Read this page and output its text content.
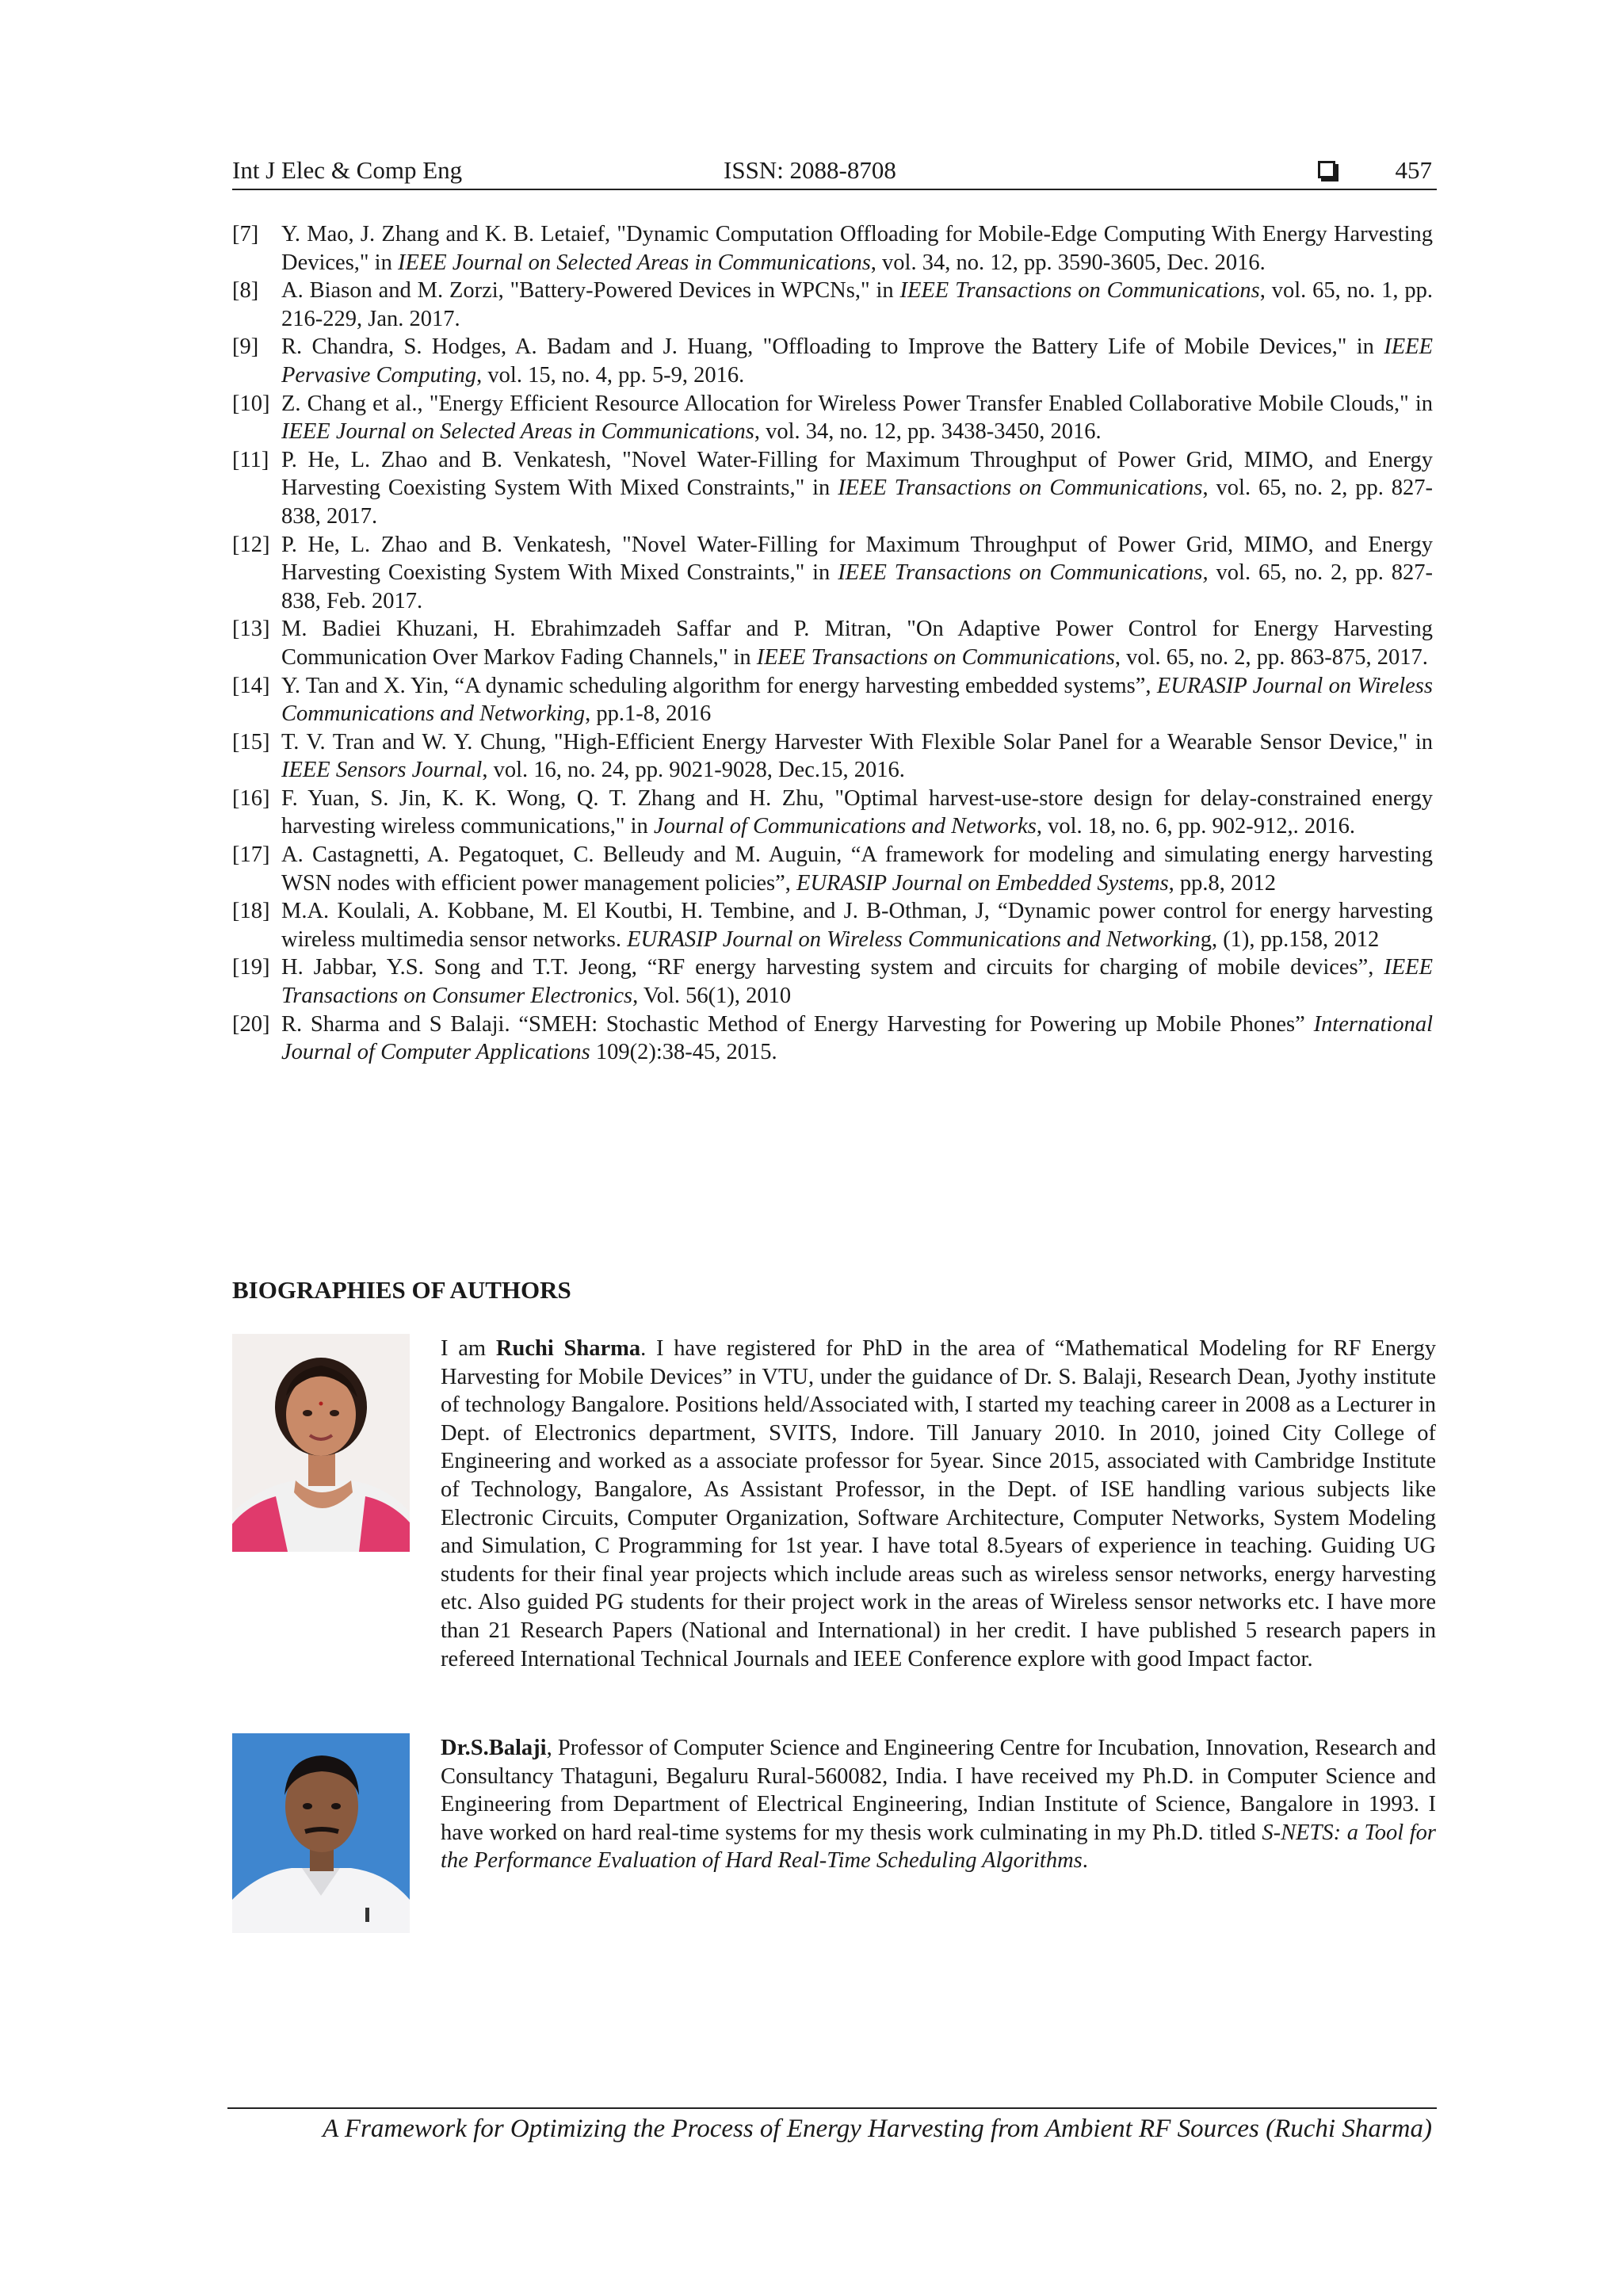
Int J Elec & Comp Eng	ISSN: 2088-8708	457
[7] Y. Mao, J. Zhang and K. B. Letaief, "Dynamic Computation Offloading for Mobile-Edge Computing With Energy Harvesting Devices," in IEEE Journal on Selected Areas in Communications, vol. 34, no. 12, pp. 3590-3605, Dec. 2016.
[8] A. Biason and M. Zorzi, "Battery-Powered Devices in WPCNs," in IEEE Transactions on Communications, vol. 65, no. 1, pp. 216-229, Jan. 2017.
[9] R. Chandra, S. Hodges, A. Badam and J. Huang, "Offloading to Improve the Battery Life of Mobile Devices," in IEEE Pervasive Computing, vol. 15, no. 4, pp. 5-9, 2016.
[10] Z. Chang et al., "Energy Efficient Resource Allocation for Wireless Power Transfer Enabled Collaborative Mobile Clouds," in IEEE Journal on Selected Areas in Communications, vol. 34, no. 12, pp. 3438-3450, 2016.
[11] P. He, L. Zhao and B. Venkatesh, "Novel Water-Filling for Maximum Throughput of Power Grid, MIMO, and Energy Harvesting Coexisting System With Mixed Constraints," in IEEE Transactions on Communications, vol. 65, no. 2, pp. 827-838, 2017.
[12] P. He, L. Zhao and B. Venkatesh, "Novel Water-Filling for Maximum Throughput of Power Grid, MIMO, and Energy Harvesting Coexisting System With Mixed Constraints," in IEEE Transactions on Communications, vol. 65, no. 2, pp. 827-838, Feb. 2017.
[13] M. Badiei Khuzani, H. Ebrahimzadeh Saffar and P. Mitran, "On Adaptive Power Control for Energy Harvesting Communication Over Markov Fading Channels," in IEEE Transactions on Communications, vol. 65, no. 2, pp. 863-875, 2017.
[14] Y. Tan and X. Yin, “A dynamic scheduling algorithm for energy harvesting embedded systems”, EURASIP Journal on Wireless Communications and Networking, pp.1-8, 2016
[15] T. V. Tran and W. Y. Chung, "High-Efficient Energy Harvester With Flexible Solar Panel for a Wearable Sensor Device," in IEEE Sensors Journal, vol. 16, no. 24, pp. 9021-9028, Dec.15, 2016.
[16] F. Yuan, S. Jin, K. K. Wong, Q. T. Zhang and H. Zhu, "Optimal harvest-use-store design for delay-constrained energy harvesting wireless communications," in Journal of Communications and Networks, vol. 18, no. 6, pp. 902-912,. 2016.
[17] A. Castagnetti, A. Pegatoquet, C. Belleudy and M. Auguin, “A framework for modeling and simulating energy harvesting WSN nodes with efficient power management policies”, EURASIP Journal on Embedded Systems, pp.8, 2012
[18] M.A. Koulali, A. Kobbane, M. El Koutbi, H. Tembine, and J. B-Othman, J, “Dynamic power control for energy harvesting wireless multimedia sensor networks. EURASIP Journal on Wireless Communications and Networking, (1), pp.158, 2012
[19] H. Jabbar, Y.S. Song and T.T. Jeong, “RF energy harvesting system and circuits for charging of mobile devices”, IEEE Transactions on Consumer Electronics, Vol. 56(1), 2010
[20] R. Sharma and S Balaji. “SMEH: Stochastic Method of Energy Harvesting for Powering up Mobile Phones” International Journal of Computer Applications 109(2):38-45, 2015.
BIOGRAPHIES OF AUTHORS
I am Ruchi Sharma. I have registered for PhD in the area of “Mathematical Modeling for RF Energy Harvesting for Mobile Devices” in VTU, under the guidance of Dr. S. Balaji, Research Dean, Jyothy institute of technology Bangalore. Positions held/Associated with, I started my teaching career in 2008 as a Lecturer in Dept. of Electronics department, SVITS, Indore. Till January 2010. In 2010, joined City College of Engineering and worked as a associate professor for 5year. Since 2015, associated with Cambridge Institute of Technology, Bangalore, As Assistant Professor, in the Dept. of ISE handling various subjects like Electronic Circuits, Computer Organization, Software Architecture, Computer Networks, System Modeling and Simulation, C Programming for 1st year. I have total 8.5years of experience in teaching. Guiding UG students for their final year projects which include areas such as wireless sensor networks, energy harvesting etc. Also guided PG students for their project work in the areas of Wireless sensor networks etc. I have more than 21 Research Papers (National and International) in her credit. I have published 5 research papers in refereed International Technical Journals and IEEE Conference explore with good Impact factor.
Dr.S.Balaji, Professor of Computer Science and Engineering Centre for Incubation, Innovation, Research and Consultancy Thataguni, Begaluru Rural-560082, India. I have received my Ph.D. in Computer Science and Engineering from Department of Electrical Engineering, Indian Institute of Science, Bangalore in 1993. I have worked on hard real-time systems for my thesis work culminating in my Ph.D. titled S-NETS: a Tool for the Performance Evaluation of Hard Real-Time Scheduling Algorithms.
A Framework for Optimizing the Process of Energy Harvesting from Ambient RF Sources (Ruchi Sharma)
